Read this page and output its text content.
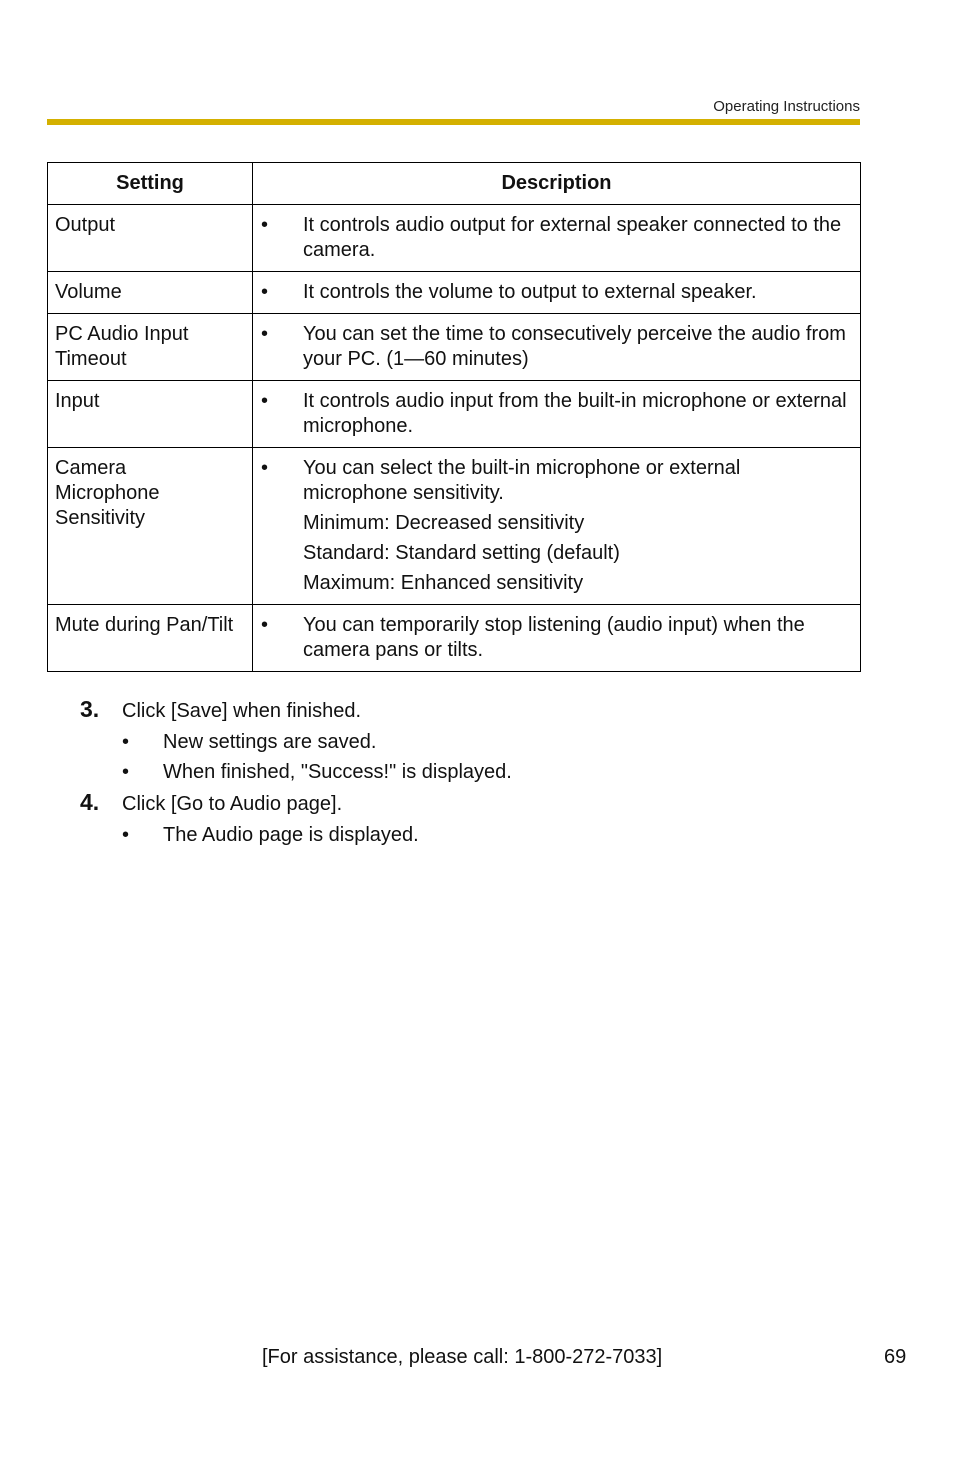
Operating Instructions
Setting	Description
Output	• It controls audio output for external speaker connected to the camera.

Volume	• It controls the volume to output to external speaker.

PC Audio Input Timeout	• You can set the time to consecutively perceive the audio from your PC. (1—60 minutes)

Input	• It controls audio input from the built-in microphone or external microphone.

Camera Microphone Sensitivity	• You can select the built-in microphone or external microphone sensitivity.
Minimum: Decreased sensitivity
Standard: Standard setting (default)
Maximum: Enhanced sensitivity

Mute during Pan/Tilt	• You can temporarily stop listening (audio input) when the camera pans or tilts.
3.	Click [Save] when finished.
•	New settings are saved.
•	When finished, "Success!" is displayed.
4.	Click [Go to Audio page].
•	The Audio page is displayed.
[For assistance, please call: 1-800-272-7033]	69
